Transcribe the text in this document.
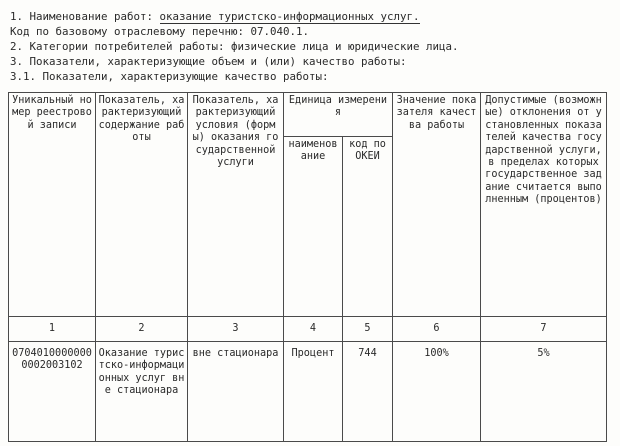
1. Наименование работ: оказание туристско-информационных услуг.
Код по базовому отраслевому перечню: 07.040.1.
2. Категории потребителей работы: физические лица и юридические лица.
3. Показатели, характеризующие объем и (или) качество работы:
3.1. Показатели, характеризующие качество работы:
Уникальный номер реестровой записи	Показатель, характеризующий содержание работы	Показатель, характеризующий условия (формы) оказания государственной услуги	Единица измерения		Значение показателя качества работы	Допустимые (возможные) отклонения от установленных показателей качества государственной услуги, в пределах которых государственное задание считается выполненным (процентов)
			наименование	код по ОКЕИ		
1	2	3	4	5	6	7
07040100000000002003102	Оказание туристско-информационных услуг вне стационара	вне стационара	Процент	744	100%	5%
